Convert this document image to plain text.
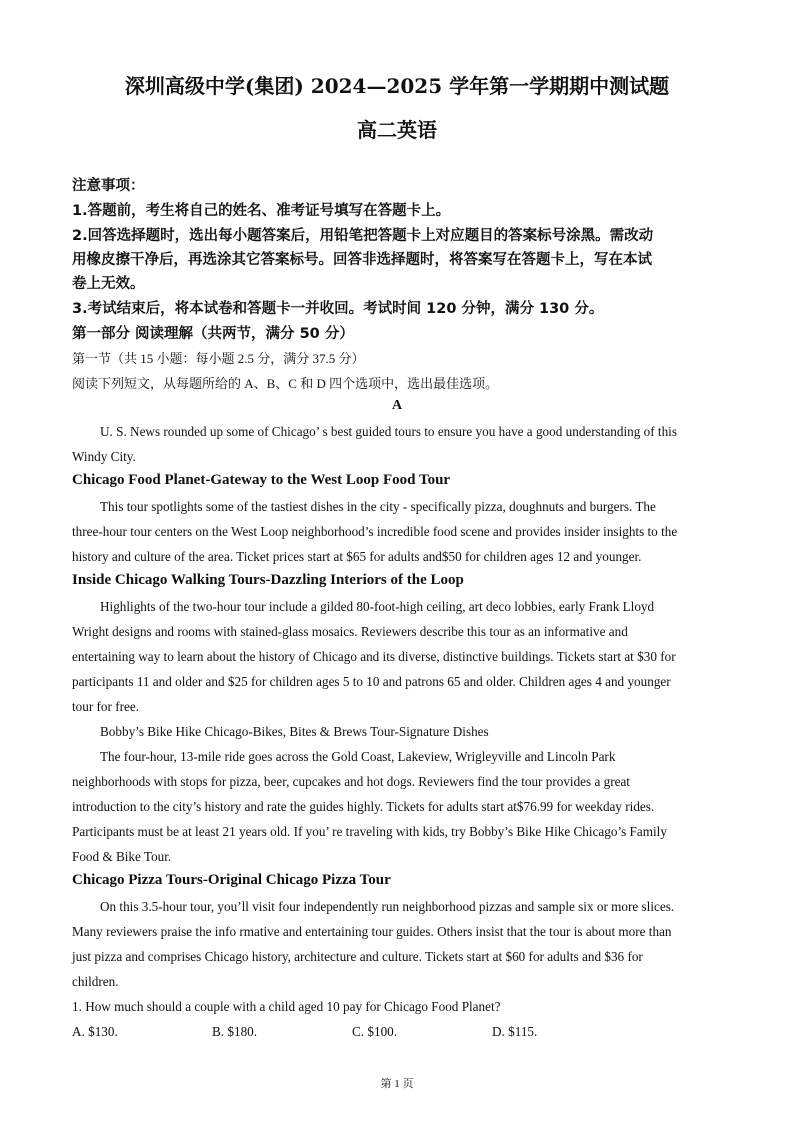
深圳高级中学(集团) 2024—2025 学年第一学期期中测试题
高二英语
注意事项：
1.答题前，考生将自己的姓名、准考证号填写在答题卡上。
2.回答选择题时，选出每小题答案后，用铅笔把答题卡上对应题目的答案标号涂黑。需改动
用橡皮擦干净后，再选涂其它答案标号。回答非选择题时，将答案写在答题卡上，写在本试
卷上无效。
3.考试结束后，将本试卷和答题卡一并收回。考试时间 120 分钟，满分 130 分。
第一部分 阅读理解（共两节，满分 50 分）
第一节（共 15 小题：每小题 2.5 分，满分 37.5 分）
阅读下列短文，从每题所给的 A、B、C 和 D 四个选项中，选出最佳选项。
A
U. S. News rounded up some of Chicago’ s best guided tours to ensure you have a good understanding of this
Windy City.
Chicago Food Planet-Gateway to the West Loop Food Tour
This tour spotlights some of the tastiest dishes in the city - specifically pizza, doughnuts and burgers. The
three-hour tour centers on the West Loop neighborhood’s incredible food scene and provides insider insights to the
history and culture of the area. Ticket prices start at $65 for adults and$50 for children ages 12 and younger.
Inside Chicago Walking Tours-Dazzling Interiors of the Loop
Highlights of the two-hour tour include a gilded 80-foot-high ceiling, art deco lobbies, early Frank Lloyd
Wright designs and rooms with stained-glass mosaics. Reviewers describe this tour as an informative and
entertaining way to learn about the history of Chicago and its diverse, distinctive buildings. Tickets start at $30 for
participants 11 and older and $25 for children ages 5 to 10 and patrons 65 and older. Children ages 4 and younger
tour for free.
Bobby’s Bike Hike Chicago-Bikes, Bites & Brews Tour-Signature Dishes
The four-hour, 13-mile ride goes across the Gold Coast, Lakeview, Wrigleyville and Lincoln Park
neighborhoods with stops for pizza, beer, cupcakes and hot dogs. Reviewers find the tour provides a great
introduction to the city’s history and rate the guides highly. Tickets for adults start at$76.99 for weekday rides.
Participants must be at least 21 years old. If you’ re traveling with kids, try Bobby’s Bike Hike Chicago’s Family
Food & Bike Tour.
Chicago Pizza Tours-Original Chicago Pizza Tour
On this 3.5-hour tour, you’ll visit four independently run neighborhood pizzas and sample six or more slices.
Many reviewers praise the info rmative and entertaining tour guides. Others insist that the tour is about more than
just pizza and comprises Chicago history, architecture and culture. Tickets start at $60 for adults and $36 for
children.
1. How much should a couple with a child aged 10 pay for Chicago Food Planet?
A. $130.	B. $180.	C. $100.	D. $115.
第 1 页
